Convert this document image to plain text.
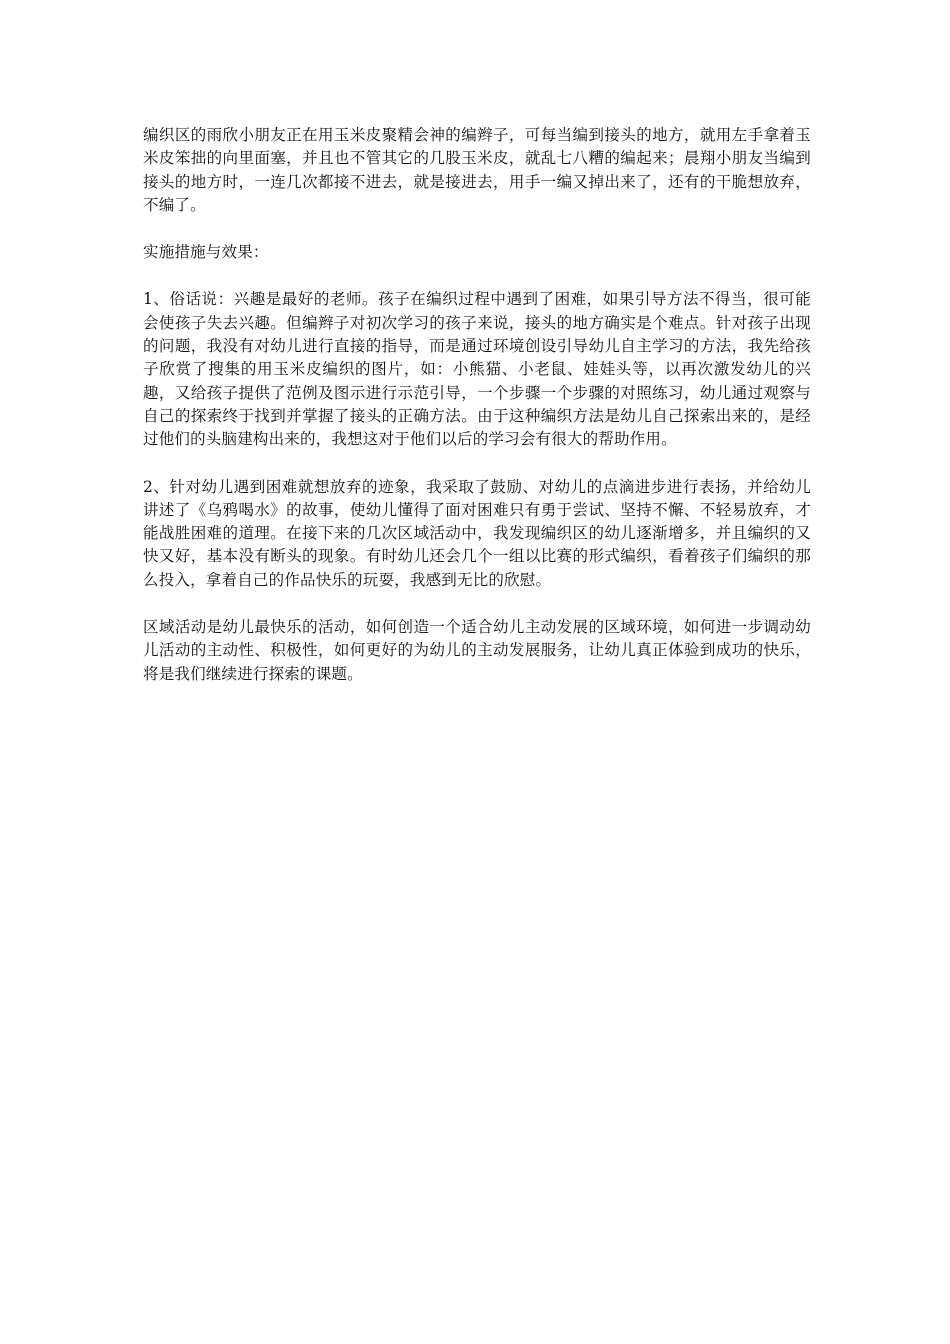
编织区的雨欣小朋友正在用玉米皮聚精会神的编辫子，可每当编到接头的地方，就用左手拿着玉米皮笨拙的向里面塞，并且也不管其它的几股玉米皮，就乱七八糟的编起来；晨翔小朋友当编到接头的地方时，一连几次都接不进去，就是接进去，用手一编又掉出来了，还有的干脆想放弃，不编了。

实施措施与效果：

1、俗话说：兴趣是最好的老师。孩子在编织过程中遇到了困难，如果引导方法不得当，很可能会使孩子失去兴趣。但编辫子对初次学习的孩子来说，接头的地方确实是个难点。针对孩子出现的问题，我没有对幼儿进行直接的指导，而是通过环境创设引导幼儿自主学习的方法，我先给孩子欣赏了搜集的用玉米皮编织的图片，如：小熊猫、小老鼠、娃娃头等，以再次激发幼儿的兴趣，又给孩子提供了范例及图示进行示范引导，一个步骤一个步骤的对照练习，幼儿通过观察与自己的探索终于找到并掌握了接头的正确方法。由于这种编织方法是幼儿自己探索出来的，是经过他们的头脑建构出来的，我想这对于他们以后的学习会有很大的帮助作用。

2、针对幼儿遇到困难就想放弃的迹象，我采取了鼓励、对幼儿的点滴进步进行表扬，并给幼儿讲述了《乌鸦喝水》的故事，使幼儿懂得了面对困难只有勇于尝试、坚持不懈、不轻易放弃，才能战胜困难的道理。在接下来的几次区域活动中，我发现编织区的幼儿逐渐增多，并且编织的又快又好，基本没有断头的现象。有时幼儿还会几个一组以比赛的形式编织，看着孩子们编织的那么投入，拿着自己的作品快乐的玩耍，我感到无比的欣慰。

区域活动是幼儿最快乐的活动，如何创造一个适合幼儿主动发展的区域环境，如何进一步调动幼儿活动的主动性、积极性，如何更好的为幼儿的主动发展服务，让幼儿真正体验到成功的快乐，将是我们继续进行探索的课题。
